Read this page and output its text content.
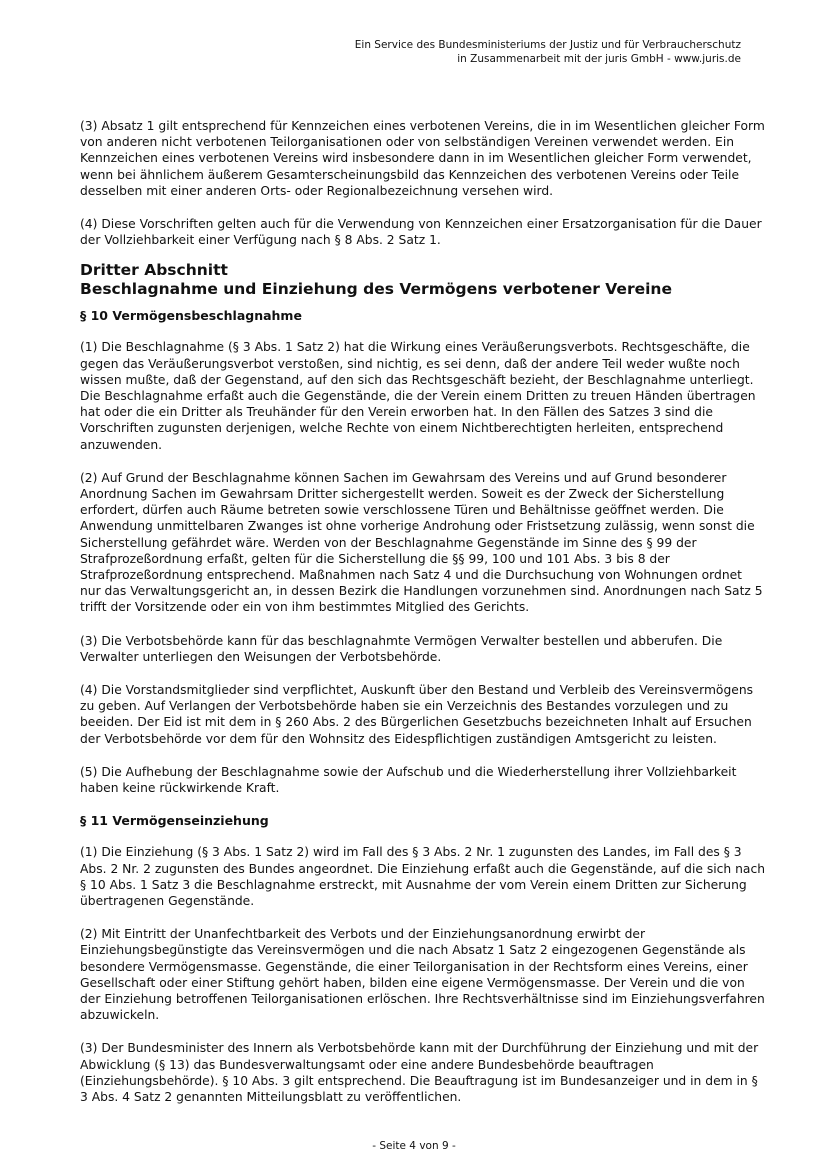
Ein Service des Bundesministeriums der Justiz und für Verbraucherschutz
in Zusammenarbeit mit der juris GmbH - www.juris.de

(3) Absatz 1 gilt entsprechend für Kennzeichen eines verbotenen Vereins, die in im Wesentlichen gleicher Form von anderen nicht verbotenen Teilorganisationen oder von selbständigen Vereinen verwendet werden. Ein Kennzeichen eines verbotenen Vereins wird insbesondere dann in im Wesentlichen gleicher Form verwendet, wenn bei ähnlichem äußerem Gesamterscheinungsbild das Kennzeichen des verbotenen Vereins oder Teile desselben mit einer anderen Orts- oder Regionalbezeichnung versehen wird.

(4) Diese Vorschriften gelten auch für die Verwendung von Kennzeichen einer Ersatzorganisation für die Dauer der Vollziehbarkeit einer Verfügung nach § 8 Abs. 2 Satz 1.

Dritter Abschnitt
Beschlagnahme und Einziehung des Vermögens verbotener Vereine
§ 10 Vermögensbeschlagnahme

(1) Die Beschlagnahme (§ 3 Abs. 1 Satz 2) hat die Wirkung eines Veräußerungsverbots. Rechtsgeschäfte, die gegen das Veräußerungsverbot verstoßen, sind nichtig, es sei denn, daß der andere Teil weder wußte noch wissen mußte, daß der Gegenstand, auf den sich das Rechtsgeschäft bezieht, der Beschlagnahme unterliegt. Die Beschlagnahme erfaßt auch die Gegenstände, die der Verein einem Dritten zu treuen Händen übertragen hat oder die ein Dritter als Treuhänder für den Verein erworben hat. In den Fällen des Satzes 3 sind die Vorschriften zugunsten derjenigen, welche Rechte von einem Nichtberechtigten herleiten, entsprechend anzuwenden.

(2) Auf Grund der Beschlagnahme können Sachen im Gewahrsam des Vereins und auf Grund besonderer Anordnung Sachen im Gewahrsam Dritter sichergestellt werden. Soweit es der Zweck der Sicherstellung erfordert, dürfen auch Räume betreten sowie verschlossene Türen und Behältnisse geöffnet werden. Die Anwendung unmittelbaren Zwanges ist ohne vorherige Androhung oder Fristsetzung zulässig, wenn sonst die Sicherstellung gefährdet wäre. Werden von der Beschlagnahme Gegenstände im Sinne des § 99 der Strafprozeßordnung erfaßt, gelten für die Sicherstellung die §§ 99, 100 und 101 Abs. 3 bis 8 der Strafprozeßordnung entsprechend. Maßnahmen nach Satz 4 und die Durchsuchung von Wohnungen ordnet nur das Verwaltungsgericht an, in dessen Bezirk die Handlungen vorzunehmen sind. Anordnungen nach Satz 5 trifft der Vorsitzende oder ein von ihm bestimmtes Mitglied des Gerichts.

(3) Die Verbotsbehörde kann für das beschlagnahmte Vermögen Verwalter bestellen und abberufen. Die Verwalter unterliegen den Weisungen der Verbotsbehörde.

(4) Die Vorstandsmitglieder sind verpflichtet, Auskunft über den Bestand und Verbleib des Vereinsvermögens zu geben. Auf Verlangen der Verbotsbehörde haben sie ein Verzeichnis des Bestandes vorzulegen und zu beeiden. Der Eid ist mit dem in § 260 Abs. 2 des Bürgerlichen Gesetzbuchs bezeichneten Inhalt auf Ersuchen der Verbotsbehörde vor dem für den Wohnsitz des Eidespflichtigen zuständigen Amtsgericht zu leisten.

(5) Die Aufhebung der Beschlagnahme sowie der Aufschub und die Wiederherstellung ihrer Vollziehbarkeit haben keine rückwirkende Kraft.

§ 11 Vermögenseinziehung

(1) Die Einziehung (§ 3 Abs. 1 Satz 2) wird im Fall des § 3 Abs. 2 Nr. 1 zugunsten des Landes, im Fall des § 3 Abs. 2 Nr. 2 zugunsten des Bundes angeordnet. Die Einziehung erfaßt auch die Gegenstände, auf die sich nach § 10 Abs. 1 Satz 3 die Beschlagnahme erstreckt, mit Ausnahme der vom Verein einem Dritten zur Sicherung übertragenen Gegenstände.

(2) Mit Eintritt der Unanfechtbarkeit des Verbots und der Einziehungsanordnung erwirbt der Einziehungsbegünstigte das Vereinsvermögen und die nach Absatz 1 Satz 2 eingezogenen Gegenstände als besondere Vermögensmasse. Gegenstände, die einer Teilorganisation in der Rechtsform eines Vereins, einer Gesellschaft oder einer Stiftung gehört haben, bilden eine eigene Vermögensmasse. Der Verein und die von der Einziehung betroffenen Teilorganisationen erlöschen. Ihre Rechtsverhältnisse sind im Einziehungsverfahren abzuwickeln.

(3) Der Bundesminister des Innern als Verbotsbehörde kann mit der Durchführung der Einziehung und mit der Abwicklung (§ 13) das Bundesverwaltungsamt oder eine andere Bundesbehörde beauftragen (Einziehungsbehörde). § 10 Abs. 3 gilt entsprechend. Die Beauftragung ist im Bundesanzeiger und in dem in § 3 Abs. 4 Satz 2 genannten Mitteilungsblatt zu veröffentlichen.

- Seite 4 von 9 -
